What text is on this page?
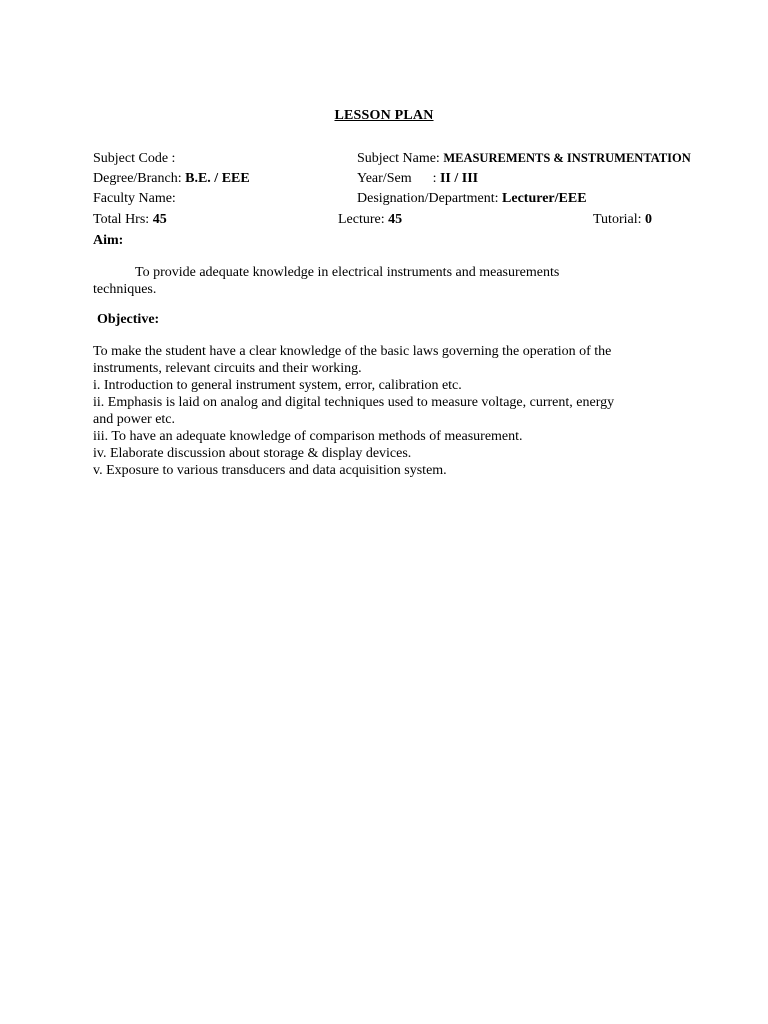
LESSON PLAN
Subject Code :	Subject Name: MEASUREMENTS & INSTRUMENTATION
Degree/Branch: B.E. / EEE	Year/Sem      : II / III
Faculty Name:	Designation/Department: Lecturer/EEE
Total Hrs: 45	Lecture: 45	Tutorial: 0
Aim:
To provide adequate knowledge in electrical instruments and measurements
techniques.
Objective:
To make the student have a clear knowledge of the basic laws governing the operation of the
instruments, relevant circuits and their working.
i. Introduction to general instrument system, error, calibration etc.
ii. Emphasis is laid on analog and digital techniques used to measure voltage, current, energy
and power etc.
iii. To have an adequate knowledge of comparison methods of measurement.
iv. Elaborate discussion about storage & display devices.
v. Exposure to various transducers and data acquisition system.
